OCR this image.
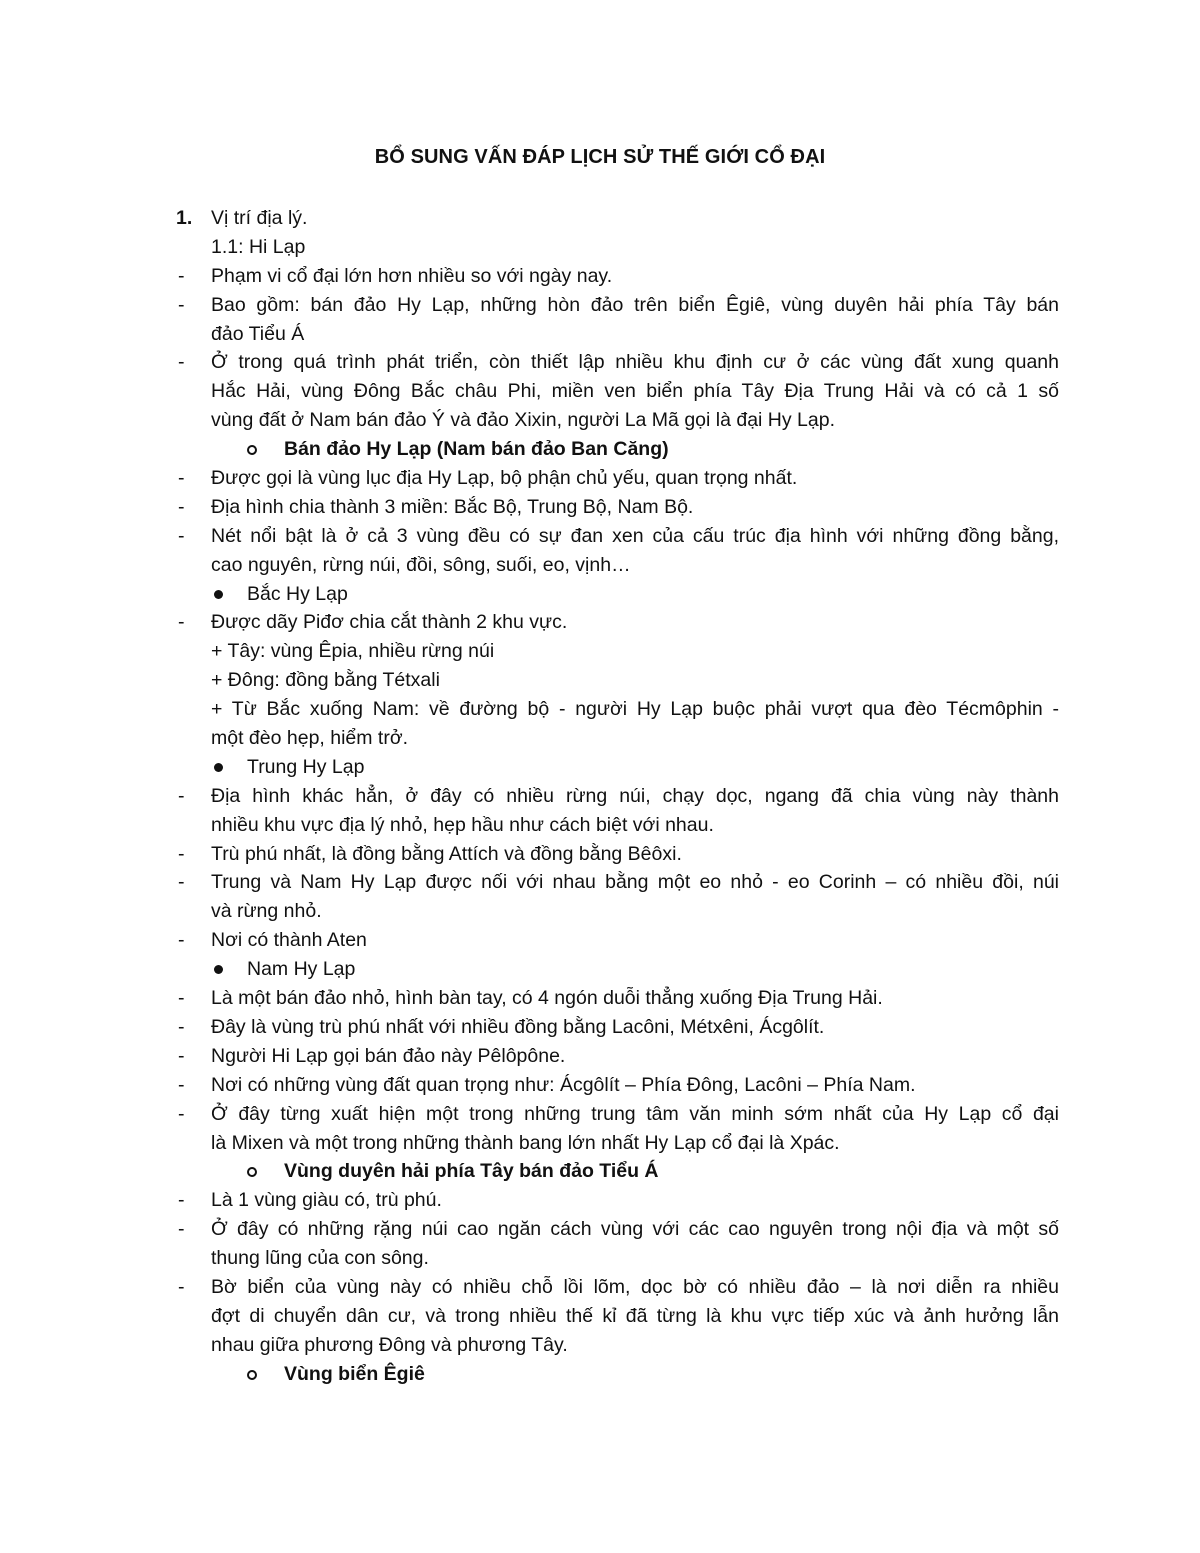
BỔ SUNG VẤN ĐÁP LỊCH SỬ THẾ GIỚI CỔ ĐẠI
1. Vị trí địa lý.
1.1: Hi Lạp
- Phạm vi cổ đại lớn hơn nhiều so với ngày nay.
- Bao gồm: bán đảo Hy Lạp, những hòn đảo trên biển Êgiê, vùng duyên hải phía Tây bán
đảo Tiểu Á
- Ở trong quá trình phát triển, còn thiết lập nhiều khu định cư ở các vùng đất xung quanh
Hắc Hải, vùng Đông Bắc châu Phi, miền ven biển phía Tây Địa Trung Hải và có cả 1 số
vùng đất ở Nam bán đảo Ý và đảo Xixin, người La Mã gọi là đại Hy Lạp.
Bán đảo Hy Lạp (Nam bán đảo Ban Căng)
- Được gọi là vùng lục địa Hy Lạp, bộ phận chủ yếu, quan trọng nhất.
- Địa hình chia thành 3 miền: Bắc Bộ, Trung Bộ, Nam Bộ.
- Nét nổi bật là ở cả 3 vùng đều có sự đan xen của cấu trúc địa hình với những đồng bằng,
cao nguyên, rừng núi, đồi, sông, suối, eo, vịnh…
Bắc Hy Lạp
- Được dãy Piđơ chia cắt thành 2 khu vực.
+ Tây: vùng Êpia, nhiều rừng núi
+ Đông: đồng bằng Tétxali
+ Từ Bắc xuống Nam: về đường bộ - người Hy Lạp buộc phải vượt qua đèo Técmôphin -
một đèo hẹp, hiểm trở.
Trung Hy Lạp
- Địa hình khác hẳn, ở đây có nhiều rừng núi, chạy dọc, ngang đã chia vùng này thành
nhiều khu vực địa lý nhỏ, hẹp hầu như cách biệt với nhau.
- Trù phú nhất, là đồng bằng Attích và đồng bằng Bêôxi.
- Trung và Nam Hy Lạp được nối với nhau bằng một eo nhỏ - eo Corinh – có nhiều đồi, núi
và rừng nhỏ.
- Nơi có thành Aten
Nam Hy Lạp
- Là một bán đảo nhỏ, hình bàn tay, có 4 ngón duỗi thẳng xuống Địa Trung Hải.
- Đây là vùng trù phú nhất với nhiều đồng bằng Lacôni, Métxêni, Ácgôlít.
- Người Hi Lạp gọi bán đảo này Pêlôpône.
- Nơi có những vùng đất quan trọng như: Ácgôlít – Phía Đông, Lacôni – Phía Nam.
- Ở đây từng xuất hiện một trong những trung tâm văn minh sớm nhất của Hy Lạp cổ đại
là Mixen và một trong những thành bang lớn nhất Hy Lạp cổ đại là Xpác.
Vùng duyên hải phía Tây bán đảo Tiểu Á
- Là 1 vùng giàu có, trù phú.
- Ở đây có những rặng núi cao ngăn cách vùng với các cao nguyên trong nội địa và một số
thung lũng của con sông.
- Bờ biển của vùng này có nhiều chỗ lồi lõm, dọc bờ có nhiều đảo – là nơi diễn ra nhiều
đợt di chuyển dân cư, và trong nhiều thế kỉ đã từng là khu vực tiếp xúc và ảnh hưởng lẫn
nhau giữa phương Đông và phương Tây.
Vùng biển Êgiê
